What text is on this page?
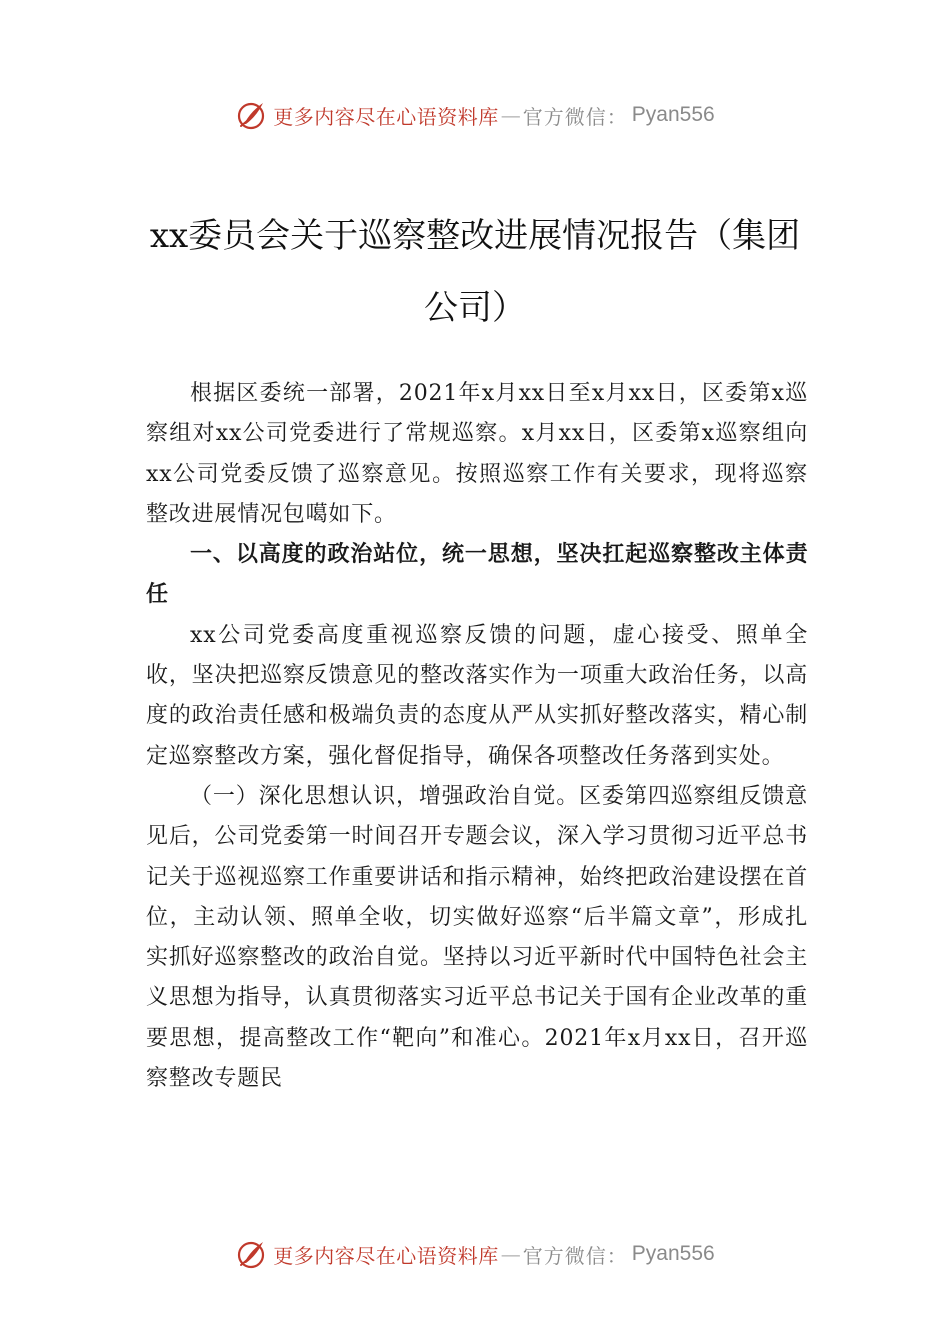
更多内容尽在心语资料库 — 官方微信： Pyan556
xx委员会关于巡察整改进展情况报告（集团公司）

根据区委统一部署，2021年x月xx日至x月xx日，区委第x巡察组对xx公司党委进行了常规巡察。x月xx日，区委第x巡察组向xx公司党委反馈了巡察意见。按照巡察工作有关要求，现将巡察整改进展情况包噶如下。

一、以高度的政治站位，统一思想，坚决扛起巡察整改主体责任

xx公司党委高度重视巡察反馈的问题，虚心接受、照单全收，坚决把巡察反馈意见的整改落实作为一项重大政治任务，以高度的政治责任感和极端负责的态度从严从实抓好整改落实，精心制定巡察整改方案，强化督促指导，确保各项整改任务落到实处。

（一）深化思想认识，增强政治自觉。区委第四巡察组反馈意见后，公司党委第一时间召开专题会议，深入学习贯彻习近平总书记关于巡视巡察工作重要讲话和指示精神，始终把政治建设摆在首位，主动认领、照单全收，切实做好巡察“后半篇文章”，形成扎实抓好巡察整改的政治自觉。坚持以习近平新时代中国特色社会主义思想为指导，认真贯彻落实习近平总书记关于国有企业改革的重要思想，提高整改工作“靶向”和准心。2021年x月xx日，召开巡察整改专题民

更多内容尽在心语资料库 — 官方微信： Pyan556
